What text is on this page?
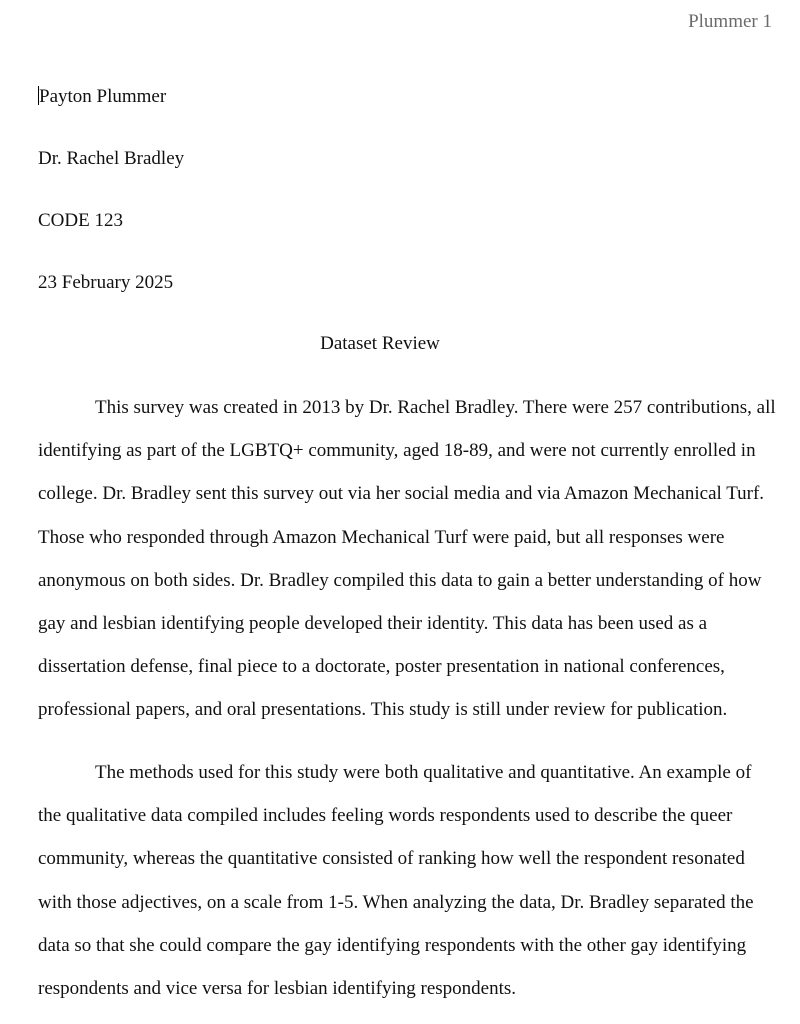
Plummer 1
Payton Plummer
Dr. Rachel Bradley
CODE 123
23 February 2025
Dataset Review
This survey was created in 2013 by Dr. Rachel Bradley. There were 257 contributions, all
identifying as part of the LGBTQ+ community, aged 18-89, and were not currently enrolled in
college. Dr. Bradley sent this survey out via her social media and via Amazon Mechanical Turf.
Those who responded through Amazon Mechanical Turf were paid, but all responses were
anonymous on both sides. Dr. Bradley compiled this data to gain a better understanding of how
gay and lesbian identifying people developed their identity. This data has been used as a
dissertation defense, final piece to a doctorate, poster presentation in national conferences,
professional papers, and oral presentations. This study is still under review for publication.
The methods used for this study were both qualitative and quantitative. An example of
the qualitative data compiled includes feeling words respondents used to describe the queer
community, whereas the quantitative consisted of ranking how well the respondent resonated
with those adjectives, on a scale from 1-5. When analyzing the data, Dr. Bradley separated the
data so that she could compare the gay identifying respondents with the other gay identifying
respondents and vice versa for lesbian identifying respondents.
